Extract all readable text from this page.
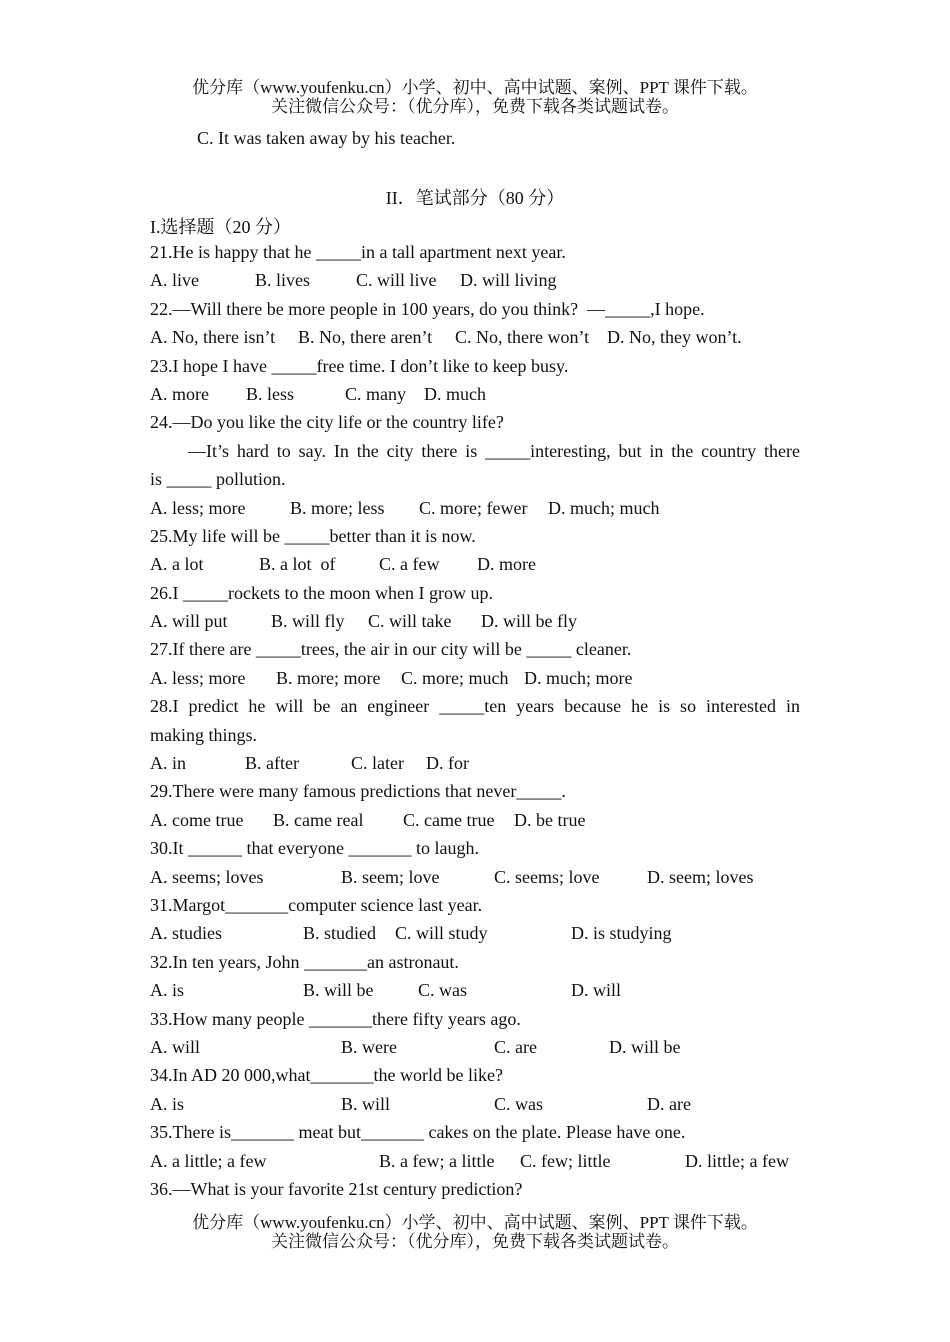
优分库（www.youfenku.cn）小学、初中、高中试题、案例、PPT 课件下载。
关注微信公众号：（优分库），免费下载各类试题试卷。
C. It was taken away by his teacher.
II．笔试部分（80 分）
I.选择题（20 分）
21.He is happy that he _____in a tall apartment next year.
A. live	B. lives	C. will live D. will living
22.—Will there be more people in 100 years, do you think?  —_____,I hope.
A. No, there isn’t B. No, there aren’t C. No, there won’t D. No, they won’t.
23.I hope I have _____free time. I don’t like to keep busy.
A. more B. less	C. many D. much
24.—Do you like the city life or the country life?
—It’s hard to say. In the city there is _____interesting, but in the country there
is _____ pollution.
A. less; more B. more; less C. more; fewer D. much; much
25.My life will be _____better than it is now.
A. a lot	B. a lot  of C. a few D. more
26.I _____rockets to the moon when I grow up.
A. will put B. will fly C. will take D. will be fly
27.If there are _____trees, the air in our city will be _____ cleaner.
A. less; more B. more; more C. more; much D. much; more
28.I predict he will be an engineer _____ten years because he is so interested in
making things.
A. in	B. after	C. later D. for
29.There were many famous predictions that never_____.
A. come true B. came real C. came true D. be true
30.It ______ that everyone _______ to laugh.
A. seems; loves	B. seem; love	C. seems; love	D. seem; loves
31.Margot_______computer science last year.
A. studies	B. studied C. will study	D. is studying
32.In ten years, John _______an astronaut.
A. is	B. will be C. was	D. will
33.How many people _______there fifty years ago.
A. will	B. were	C. are	D. will be
34.In AD 20 000,what_______the world be like?
A. is	B. will	C. was	D. are
35.There is_______ meat but_______ cakes on the plate. Please have one.
A. a little; a few	B. a few; a little C. few; little	D. little; a few
36.—What is your favorite 21st century prediction?
优分库（www.youfenku.cn）小学、初中、高中试题、案例、PPT 课件下载。
关注微信公众号：（优分库），免费下载各类试题试卷。
